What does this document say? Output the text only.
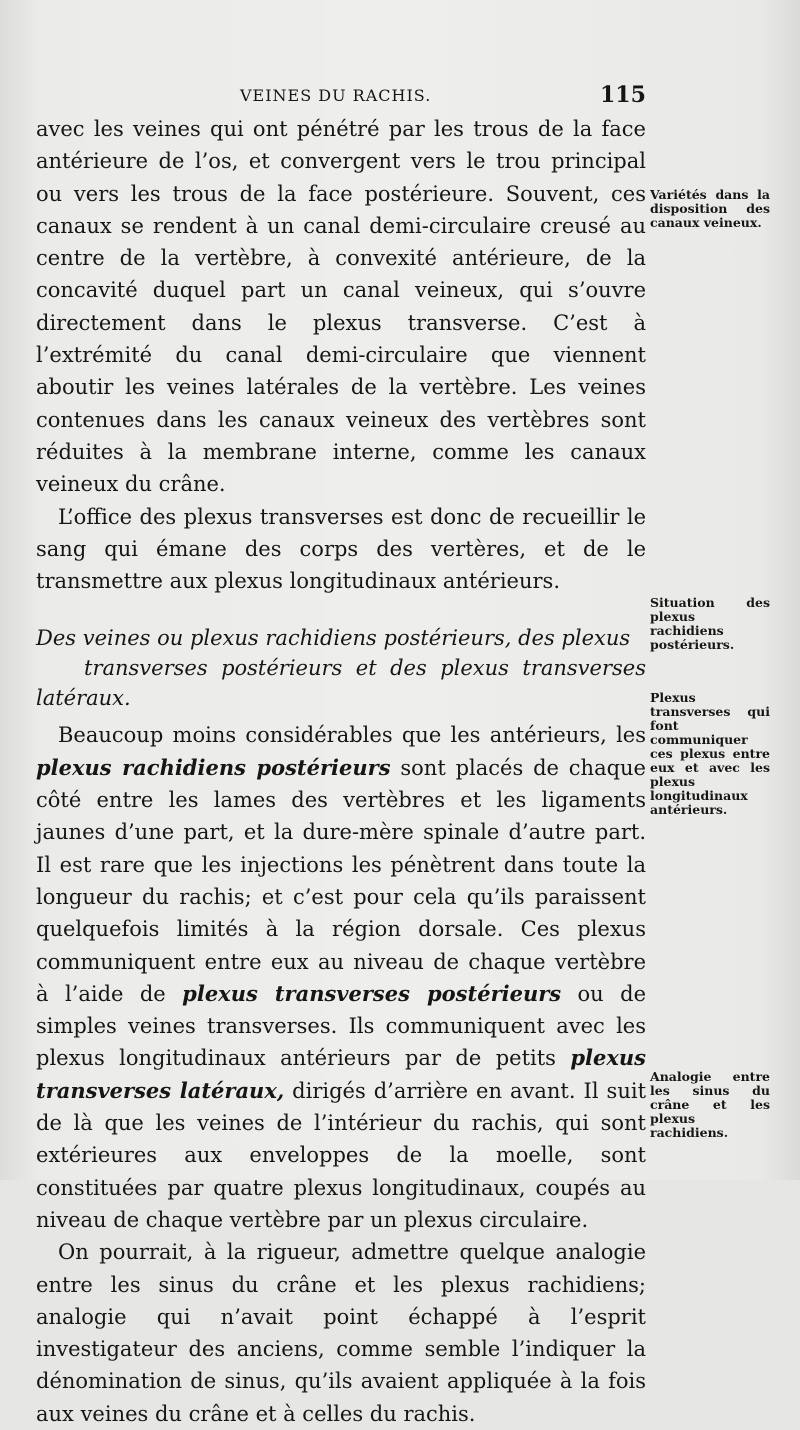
VEINES DU RACHIS.	115

avec les veines qui ont pénétré par les trous de la face antérieure de l’os, et convergent vers le trou principal ou vers les trous de la face postérieure. Souvent, ces canaux se rendent à un canal demi-circulaire creusé au centre de la vertèbre, à convexité antérieure, de la concavité duquel part un canal veineux, qui s’ouvre directement dans le plexus transverse. C’est à l’extrémité du canal demi-circulaire que viennent aboutir les veines latérales de la vertèbre. Les veines contenues dans les canaux veineux des vertèbres sont réduites à la membrane interne, comme les canaux veineux du crâne.

L’office des plexus transverses est donc de recueillir le sang qui émane des corps des vertères, et de le transmettre aux plexus longitudinaux antérieurs.

Des veines ou plexus rachidiens postérieurs, des plexus
transverses postérieurs et des plexus transverses latéraux.

Beaucoup moins considérables que les antérieurs, les plexus rachidiens postérieurs sont placés de chaque côté entre les lames des vertèbres et les ligaments jaunes d’une part, et la dure-mère spinale d’autre part. Il est rare que les injections les pénètrent dans toute la longueur du rachis; et c’est pour cela qu’ils paraissent quelquefois limités à la région dorsale. Ces plexus communiquent entre eux au niveau de chaque vertèbre à l’aide de plexus transverses postérieurs ou de simples veines transverses. Ils communiquent avec les plexus longitudinaux antérieurs par de petits plexus transverses latéraux, dirigés d’arrière en avant. Il suit de là que les veines de l’intérieur du rachis, qui sont extérieures aux enveloppes de la moelle, sont constituées par quatre plexus longitudinaux, coupés au niveau de chaque vertèbre par un plexus circulaire.

On pourrait, à la rigueur, admettre quelque analogie entre les sinus du crâne et les plexus rachidiens; analogie qui n’avait point échappé à l’esprit investigateur des anciens, comme semble l’indiquer la dénomination de sinus, qu’ils avaient appliquée à la fois aux veines du crâne et à celles du rachis.

Variétés dans la disposition des canaux veineux.
Situation des plexus rachidiens postérieurs.
Plexus transverses qui font communiquer ces plexus entre eux et avec les plexus longitudinaux antérieurs.
Analogie entre les sinus du crâne et les plexus rachidiens.
